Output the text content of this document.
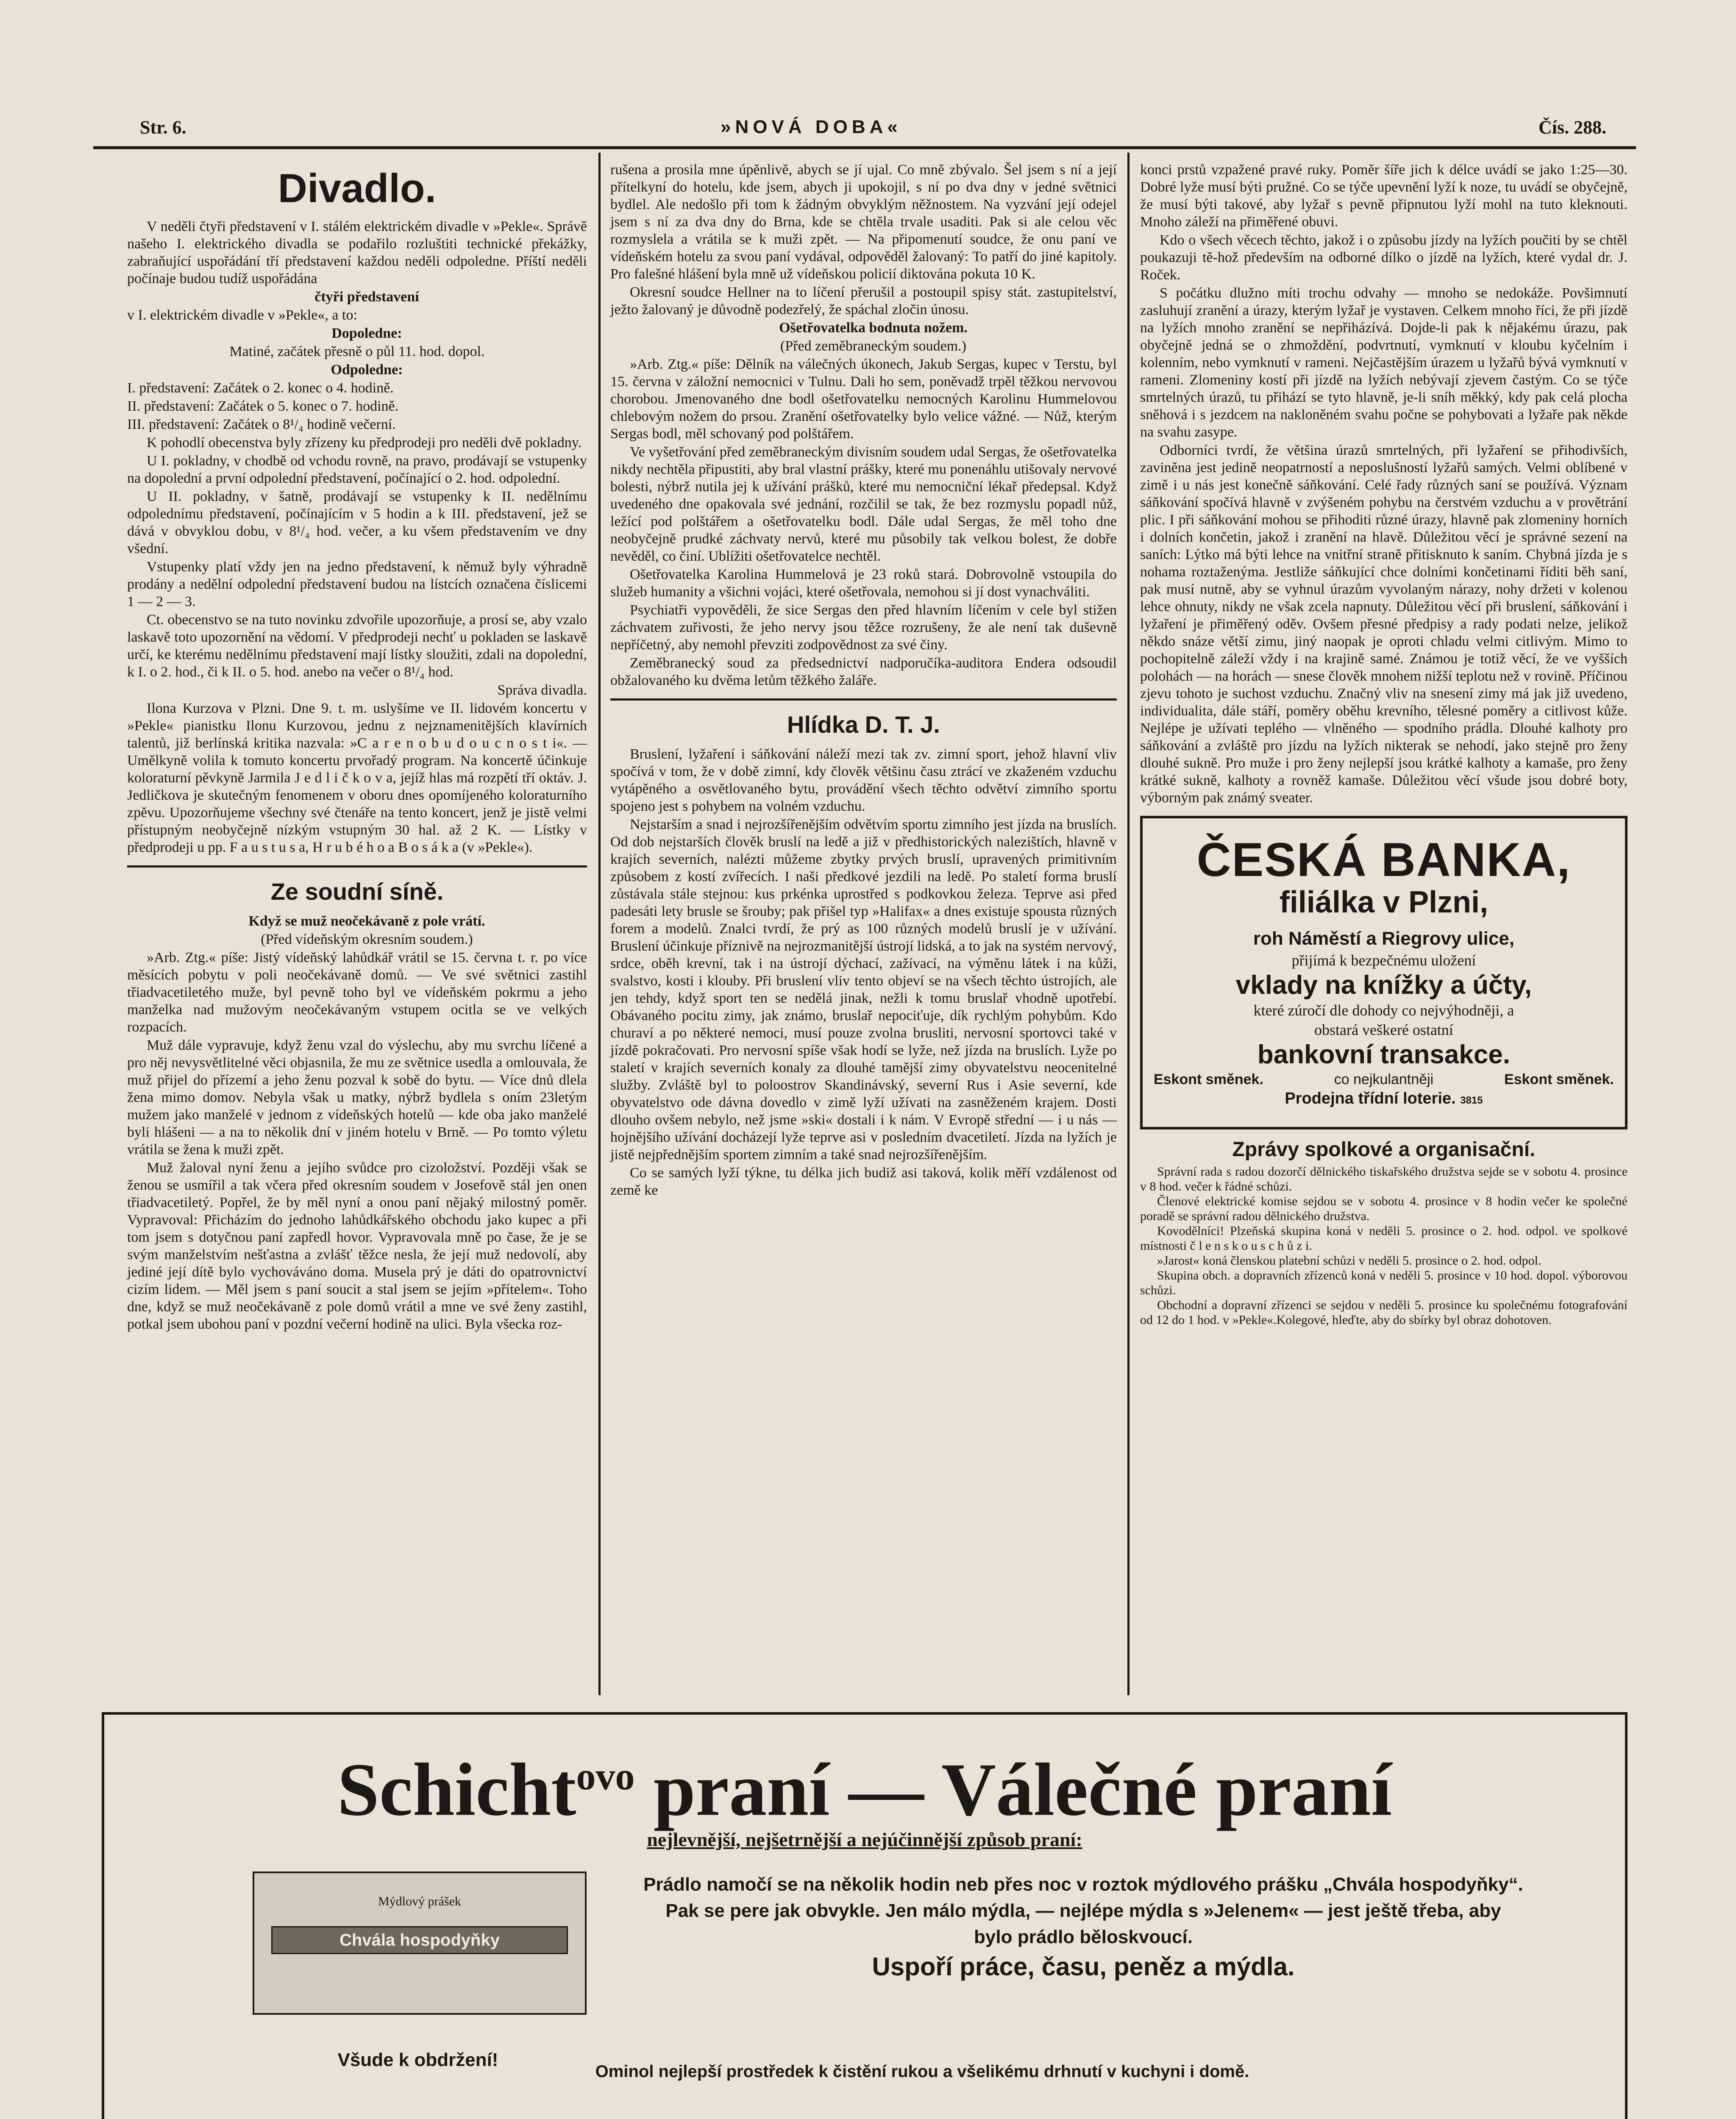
Str. 6.	»NOVÁ DOBA«	Čís. 288.
Divadlo.

V neděli čtyři představení v I. stálém elektrickém divadle v »Pekle«. Správě našeho I. elektrického divadla se podařilo rozluštiti technické překážky, zabraňující uspořádání tří představení každou neděli odpoledne. Příští neděli počínaje budou tudíž uspořádána

čtyři představení

v I. elektrickém divadle v »Pekle«, a to:

Dopoledne:

Matiné, začátek přesně o půl 11. hod. dopol.

Odpoledne:

I. představení: Začátek o 2. konec o 4. hodině.

II. představení: Začátek o 5. konec o 7. hodině.

III. představení: Začátek o 8¹/₄ hodině večerní.

K pohodlí obecenstva byly zřízeny ku předprodeji pro neděli dvě pokladny.

U I. pokladny, v chodbě od vchodu rovně, na pravo, prodávají se vstupenky na dopolední a první odpolední představení, počínající o 2. hod. odpolední.

U II. pokladny, v šatně, prodávají se vstupenky k II. nedělnímu odpolednímu představení, počínajícím v 5 hodin a k III. představení, jež se dává v obvyklou dobu, v 8¹/₄ hod. večer, a ku všem představením ve dny všední.

Vstupenky platí vždy jen na jedno představení, k němuž byly výhradně prodány a nedělní odpolední představení budou na lístcích označena číslicemi 1 — 2 — 3.

Ct. obecenstvo se na tuto novinku zdvořile upozorňuje, a prosí se, aby vzalo laskavě toto upozornění na vědomí. V předprodeji nechť u pokladen se laskavě určí, ke kterému nedělnímu představení mají lístky sloužiti, zdali na dopolední, k I. o 2. hod., či k II. o 5. hod. anebo na večer o 8¹/₄ hod.

Správa divadla.

Ilona Kurzova v Plzni. Dne 9. t. m. uslyšíme ve II. lidovém koncertu v »Pekle« pianistku Ilonu Kurzovou, jednu z nejznamenitějších klavírních talentů, již berlínská kritika nazvala: »C a r e n o b u d o u c n o s t i«. — Umělkyně volila k tomuto koncertu prvořadý program. Na koncertě účinkuje koloraturní pěvkyně Jarmila J e d l i č k o v a, jejíž hlas má rozpětí tří oktáv. J. Jedličkova je skutečným fenomenem v oboru dnes opomíjeného koloraturního zpěvu. Upozorňujeme všechny své čtenáře na tento koncert, jenž je jistě velmi přístupným neobyčejně nízkým vstupným 30 hal. až 2 K. — Lístky v předprodeji u pp. F a u s t u s a, H r u b é h o a B o s á k a (v »Pekle«).

Ze soudní síně.

Když se muž neočekávaně z pole vrátí.

(Před vídeňským okresním soudem.)

»Arb. Ztg.« píše: Jistý vídeňský lahůdkář vrátil se 15. června t. r. po více měsících pobytu v poli neočekávaně domů. — Ve své světnici zastihl třiadvacetiletého muže, byl pevně toho byl ve vídeňském pokrmu a jeho manželka nad mužovým neočekávaným vstupem ocitla se ve velkých rozpacích.

Muž dále vypravuje, když ženu vzal do výslechu, aby mu svrchu líčené a pro něj nevysvětlitelné věci objasnila, že mu ze světnice usedla a omlouvala, že muž přijel do přízemí a jeho ženu pozval k sobě do bytu. — Více dnů dlela žena mimo domov. Nebyla však u matky, nýbrž bydlela s oním 23letým mužem jako manželé v jednom z vídeňských hotelů — kde oba jako manželé byli hlášeni — a na to několik dní v jiném hotelu v Brně. — Po tomto výletu vrátila se žena k muži zpět.

Muž žaloval nyní ženu a jejího svůdce pro cizoložství. Později však se ženou se usmířil a tak včera před okresním soudem v Josefově stál jen onen třiadvacetiletý. Popřel, že by měl nyní a onou paní nějaký milostný poměr. Vypravoval: Přicházím do jednoho lahůdkářského obchodu jako kupec a při tom jsem s dotyčnou paní zapředl hovor. Vypravovala mně po čase, že je se svým manželstvím nešťastna a zvlášť těžce nesla, že její muž nedovolí, aby jediné její dítě bylo vychováváno doma. Musela prý je dáti do opatrovnictví cizím lidem. — Měl jsem s paní soucit a stal jsem se jejím »přítelem«. Toho dne, když se muž neočekávaně z pole domů vrátil a mne ve své ženy zastihl, potkal jsem ubohou paní v pozdní večerní hodině na ulici. Byla všecka roz-

rušena a prosila mne úpěnlivě, abych se jí ujal. Co mně zbývalo. Šel jsem s ní a její přítelkyní do hotelu, kde jsem, abych ji upokojil, s ní po dva dny v jedné světnici bydlel. Ale nedošlo při tom k žádným obvyklým něžnostem. Na vyzvání její odejel jsem s ní za dva dny do Brna, kde se chtěla trvale usaditi. Pak si ale celou věc rozmyslela a vrátila se k muži zpět. — Na připomenutí soudce, že onu paní ve vídeňském hotelu za svou paní vydával, odpověděl žalovaný: To patří do jiné kapitoly. Pro falešné hlášení byla mně už vídeňskou policií diktována pokuta 10 K.

Okresní soudce Hellner na to líčení přerušil a postoupil spisy stát. zastupitelství, ježto žalovaný je důvodně podezřelý, že spáchal zločin únosu.

Ošetřovatelka bodnuta nožem.

(Před zeměbraneckým soudem.)

»Arb. Ztg.« píše: Dělník na válečných úkonech, Jakub Sergas, kupec v Terstu, byl 15. června v záložní nemocnici v Tulnu. Dali ho sem, poněvadž trpěl těžkou nervovou chorobou. Jmenovaného dne bodl ošetřovatelku nemocných Karolinu Hummelovou chlebovým nožem do prsou. Zranění ošetřovatelky bylo velice vážné. — Nůž, kterým Sergas bodl, měl schovaný pod polštářem.

Ve vyšetřování před zeměbraneckým divisním soudem udal Sergas, že ošetřovatelka nikdy nechtěla připustiti, aby bral vlastní prášky, které mu ponenáhlu utišovaly nervové bolesti, nýbrž nutila jej k užívání prášků, které mu nemocniční lékař předepsal. Když uvedeného dne opakovala své jednání, rozčilil se tak, že bez rozmyslu popadl nůž, ležící pod polštářem a ošetřovatelku bodl. Dále udal Sergas, že měl toho dne neobyčejně prudké záchvaty nervů, které mu působily tak velkou bolest, že dobře nevěděl, co činí. Ublížiti ošetřovatelce nechtěl.

Ošetřovatelka Karolina Hummelová je 23 roků stará. Dobrovolně vstoupila do služeb humanity a všichni vojáci, které ošetřovala, nemohou si jí dost vynachváliti.

Psychiatři vypověděli, že sice Sergas den před hlavním líčením v cele byl stižen záchvatem zuřivosti, že jeho nervy jsou těžce rozrušeny, že ale není tak duševně nepříčetný, aby nemohl převziti zodpovědnost za své činy.

Zeměbranecký soud za předsednictví nadporučíka-auditora Endera odsoudil obžalovaného ku dvěma letům těžkého žaláře.

Hlídka D. T. J.

Bruslení, lyžaření i sáňkování náleží mezi tak zv. zimní sport, jehož hlavní vliv spočívá v tom, že v době zimní, kdy člověk většinu času ztrácí ve zkaženém vzduchu vytápěného a osvětlovaného bytu, provádění všech těchto odvětví zimního sportu spojeno jest s pohybem na volném vzduchu.

Nejstarším a snad i nejrozšířenějším odvětvím sportu zimního jest jízda na bruslích. Od dob nejstarších člověk bruslí na ledě a již v předhistorických nalezištích, hlavně v krajích severních, nalézti můžeme zbytky prvých bruslí, upravených primitivním způsobem z kostí zvířecích. I naši předkové jezdili na ledě. Po staletí forma bruslí zůstávala stále stejnou: kus prkénka uprostřed s podkovkou železa. Teprve asi před padesáti lety brusle se šrouby; pak přišel typ »Halifax« a dnes existuje spousta různých forem a modelů. Znalci tvrdí, že prý as 100 různých modelů bruslí je v užívání. Bruslení účinkuje příznivě na nejrozmanitější ústrojí lidská, a to jak na systém nervový, srdce, oběh krevní, tak i na ústrojí dýchací, zažívací, na výměnu látek i na kůži, svalstvo, kosti i klouby. Při bruslení vliv tento objeví se na všech těchto ústrojích, ale jen tehdy, když sport ten se nedělá jinak, nežli k tomu bruslař vhodně upotřebí. Obávaného pocitu zimy, jak známo, bruslař nepociťuje, dík rychlým pohybům. Kdo churaví a po některé nemoci, musí pouze zvolna brusliti, nervosní sportovci také v jízdě pokračovati. Pro nervosní spíše však hodí se lyže, než jízda na bruslích. Lyže po staletí v krajích severních konaly za dlouhé tamější zimy obyvatelstvu neocenitelné služby. Zvláště byl to poloostrov Skandinávský, severní Rus i Asie severní, kde obyvatelstvo ode dávna dovedlo v zimě lyží užívati na zasněženém krajem. Dosti dlouho ovšem nebylo, než jsme »ski« dostali i k nám. V Evropě střední — i u nás — hojnějšího užívání docházejí lyže teprve asi v posledním dvacetiletí. Jízda na lyžích je jistě nejpřednějším sportem zimním a také snad nejrozšířenějším.

Co se samých lyží týkne, tu délka jich budiž asi taková, kolik měří vzdálenost od země ke

konci prstů vzpažené pravé ruky. Poměr šíře jich k délce uvádí se jako 1:25—30. Dobré lyže musí býti pružné. Co se týče upevnění lyží k noze, tu uvádí se obyčejně, že musí býti takové, aby lyžař s pevně připnutou lyží mohl na tuto kleknouti. Mnoho záleží na přiměřené obuvi.

Kdo o všech věcech těchto, jakož i o způsobu jízdy na lyžích poučiti by se chtěl poukazuji tě-hož především na odborné dílko o jízdě na lyžích, které vydal dr. J. Roček.

S počátku dlužno míti trochu odvahy — mnoho se nedokáže. Povšimnutí zasluhují zranění a úrazy, kterým lyžař je vystaven. Celkem mnoho říci, že při jízdě na lyžích mnoho zranění se nepřiházívá. Dojde-li pak k nějakému úrazu, pak obyčejně jedná se o zhmoždění, podvrtnutí, vymknutí v kloubu kyčelním i kolenním, nebo vymknutí v rameni. Nejčastějším úrazem u lyžařů bývá vymknutí v rameni. Zlomeniny kostí při jízdě na lyžích nebývají zjevem častým. Co se týče smrtelných úrazů, tu přihází se tyto hlavně, je-li sníh měkký, kdy pak celá plocha sněhová i s jezdcem na nakloněném svahu počne se pohybovati a lyžaře pak někde na svahu zasype.

Odborníci tvrdí, že většina úrazů smrtelných, při lyžaření se přihodivších, zaviněna jest jedině neopatrností a neposlušností lyžařů samých. Velmi oblíbené v zimě i u nás jest konečně sáňkování. Celé řady různých saní se používá. Význam sáňkování spočívá hlavně v zvýšeném pohybu na čerstvém vzduchu a v provětrání plic. I při sáňkování mohou se přihoditi různé úrazy, hlavně pak zlomeniny horních i dolních končetin, jakož i zranění na hlavě. Důležitou věcí je správné sezení na saních: Lýtko má býti lehce na vnitřní straně přitisknuto k saním. Chybná jízda je s nohama roztaženýma. Jestliže sáňkující chce dolními končetinami říditi běh saní, pak musí nutně, aby se vyhnul úrazům vyvolaným nárazy, nohy držeti v kolenou lehce ohnuty, nikdy ne však zcela napnuty. Důležitou věcí při bruslení, sáňkování i lyžaření je přiměřený oděv. Ovšem přesné předpisy a rady podati nelze, jelikož někdo snáze větší zimu, jiný naopak je oproti chladu velmi citlivým. Mimo to pochopitelně záleží vždy i na krajině samé. Známou je totiž věcí, že ve vyšších polohách — na horách — snese člověk mnohem nižší teplotu než v rovině. Příčinou zjevu tohoto je suchost vzduchu. Značný vliv na snesení zimy má jak již uvedeno, individualita, dále stáří, poměry oběhu krevního, tělesné poměry a citlivost kůže. Nejlépe je užívati teplého — vlněného — spodního prádla. Dlouhé kalhoty pro sáňkování a zvláště pro jízdu na lyžích nikterak se nehodí, jako stejně pro ženy dlouhé sukně. Pro muže i pro ženy nejlepší jsou krátké kalhoty a kamaše, pro ženy krátké sukně, kalhoty a rovněž kamaše. Důležitou věcí všude jsou dobré boty, výborným pak známý sveater.

ČESKÁ BANKA,
filiálka v Plzni,
roh Náměstí a Riegrovy ulice,
přijímá k bezpečnému uložení
vklady na knížky a účty,
které zúročí dle dohody co nejvýhodněji, a
obstará veškeré ostatní
bankovní transakce.
Eskont směnek.	co nejkulantněji	Eskont směnek.
Prodejna třídní loterie. 3815
Schicht$^{ovo}$ praní — Válečné praní
nejlevnější, nejšetrnější a nejúčinnější způsob praní:
Mýdlový prášek
Chvála hospodyňky
Všude k obdržení!
Prádlo namočí se na několik hodin neb přes noc v roztok mýdlového prášku „Chvála hospodyňky“.
Pak se pere jak obvykle. Jen málo mýdla, — nejlépe mýdla s »Jelenem« — jest ještě třeba, aby
bylo prádlo běloskvoucí.
Uspoří práce, času, peněz a mýdla.
Ominol nejlepší prostředek k čistění rukou a všelikému drhnutí v kuchyni i domě.
Zprávy spolkové a organisační.

Správní rada s radou dozorčí dělnického tiskařského družstva sejde se v sobotu 4. prosince v 8 hod. večer k řádné schůzi.

Členové elektrické komise sejdou se v sobotu 4. prosince v 8 hodin večer ke společné poradě se správní radou dělnického družstva.

Kovodělníci! Plzeňská skupina koná v neděli 5. prosince o 2. hod. odpol. ve spolkové místnosti č l e n s k o u s c h ů z i.

»Jarost« koná členskou platební schůzi v neděli 5. prosince o 2. hod. odpol.

Skupina obch. a dopravních zřízenců koná v neděli 5. prosince v 10 hod. dopol. výborovou schůzi.

Obchodní a dopravní zřízenci se sejdou v neděli 5. prosince ku společnému fotografování od 12 do 1 hod. v »Pekle«.Kolegové, hleďte, aby do sbírky byl obraz dohotoven.
